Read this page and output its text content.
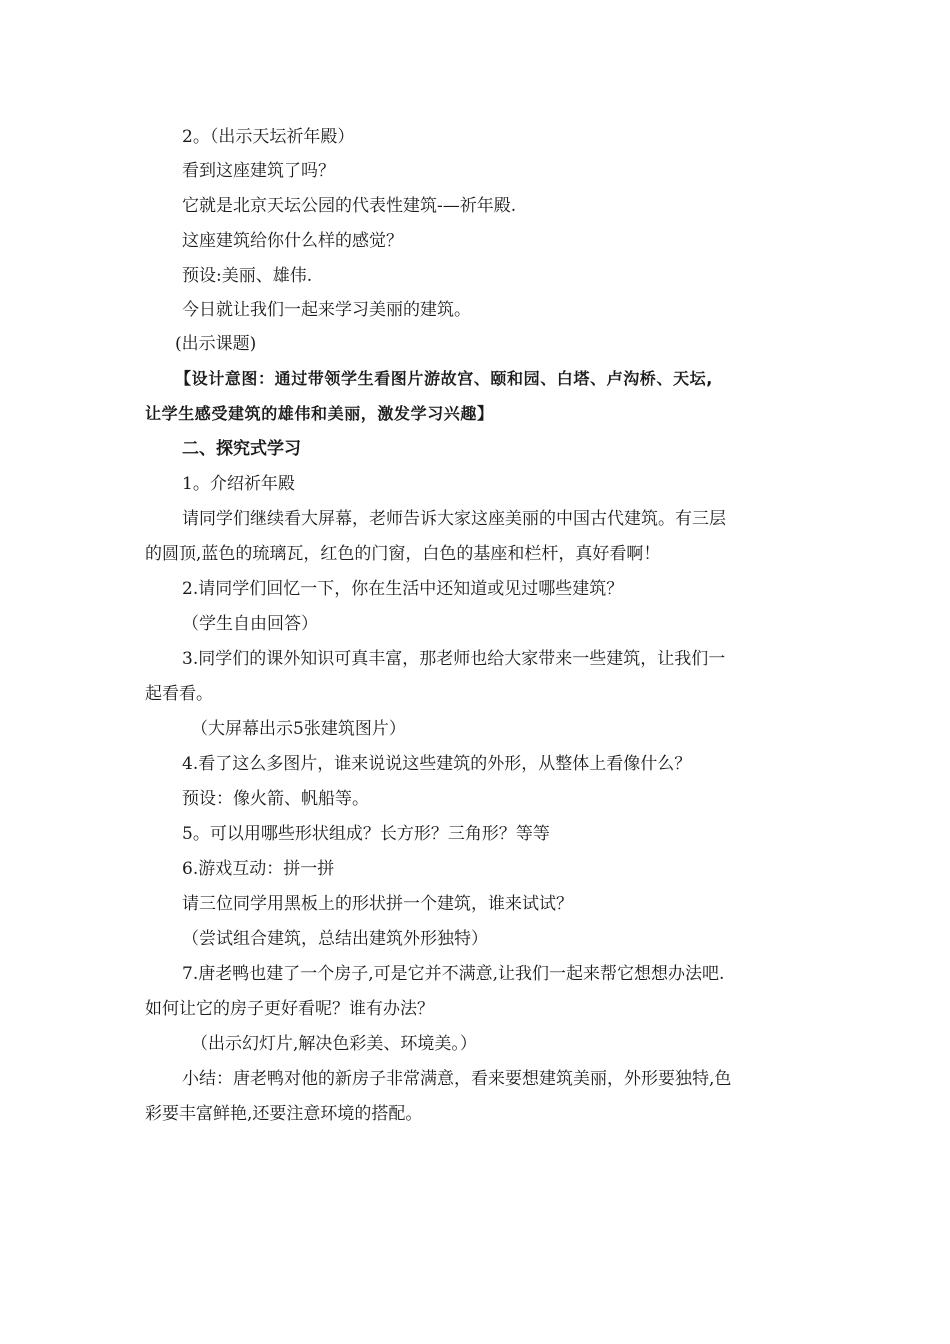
2。（出示天坛祈年殿）
看到这座建筑了吗？
它就是北京天坛公园的代表性建筑-—祈年殿.
这座建筑给你什么样的感觉？
预设:美丽、雄伟.
今日就让我们一起来学习美丽的建筑。
(出示课题)
【设计意图：通过带领学生看图片游故宫、颐和园、白塔、卢沟桥、天坛,
让学生感受建筑的雄伟和美丽，激发学习兴趣】
二、探究式学习
1。介绍祈年殿
请同学们继续看大屏幕，老师告诉大家这座美丽的中国古代建筑。有三层
的圆顶,蓝色的琉璃瓦，红色的门窗，白色的基座和栏杆，真好看啊！
2.请同学们回忆一下，你在生活中还知道或见过哪些建筑？
（学生自由回答）
3.同学们的课外知识可真丰富，那老师也给大家带来一些建筑，让我们一
起看看。
（大屏幕出示5张建筑图片）
4.看了这么多图片，谁来说说这些建筑的外形，从整体上看像什么？
预设：像火箭、帆船等。
5。可以用哪些形状组成？长方形？三角形？等等
6.游戏互动：拼一拼
请三位同学用黑板上的形状拼一个建筑，谁来试试？
（尝试组合建筑，总结出建筑外形独特）
7.唐老鸭也建了一个房子,可是它并不满意,让我们一起来帮它想想办法吧.
如何让它的房子更好看呢？谁有办法？
（出示幻灯片,解决色彩美、环境美。）
小结：唐老鸭对他的新房子非常满意，看来要想建筑美丽，外形要独特,色
彩要丰富鲜艳,还要注意环境的搭配。
